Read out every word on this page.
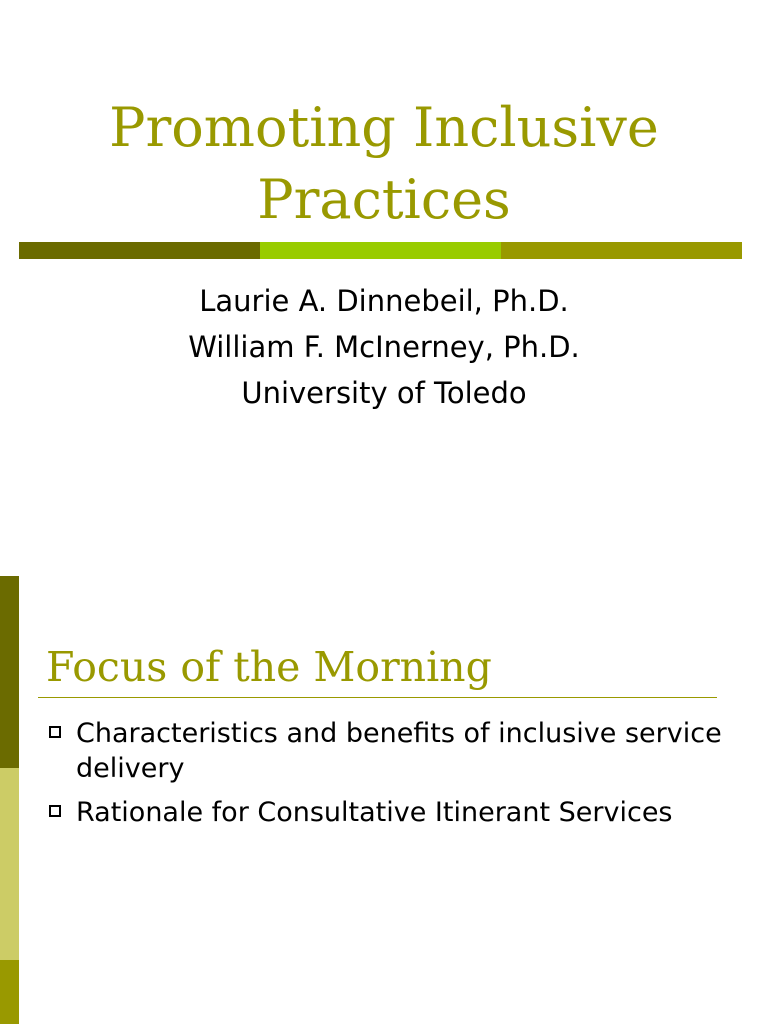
Promoting Inclusive
Practices
Laurie A. Dinnebeil, Ph.D.
William F. McInerney, Ph.D.
University of Toledo
Focus of the Morning
Characteristics and benefits of inclusive service delivery
Rationale for Consultative Itinerant Services
